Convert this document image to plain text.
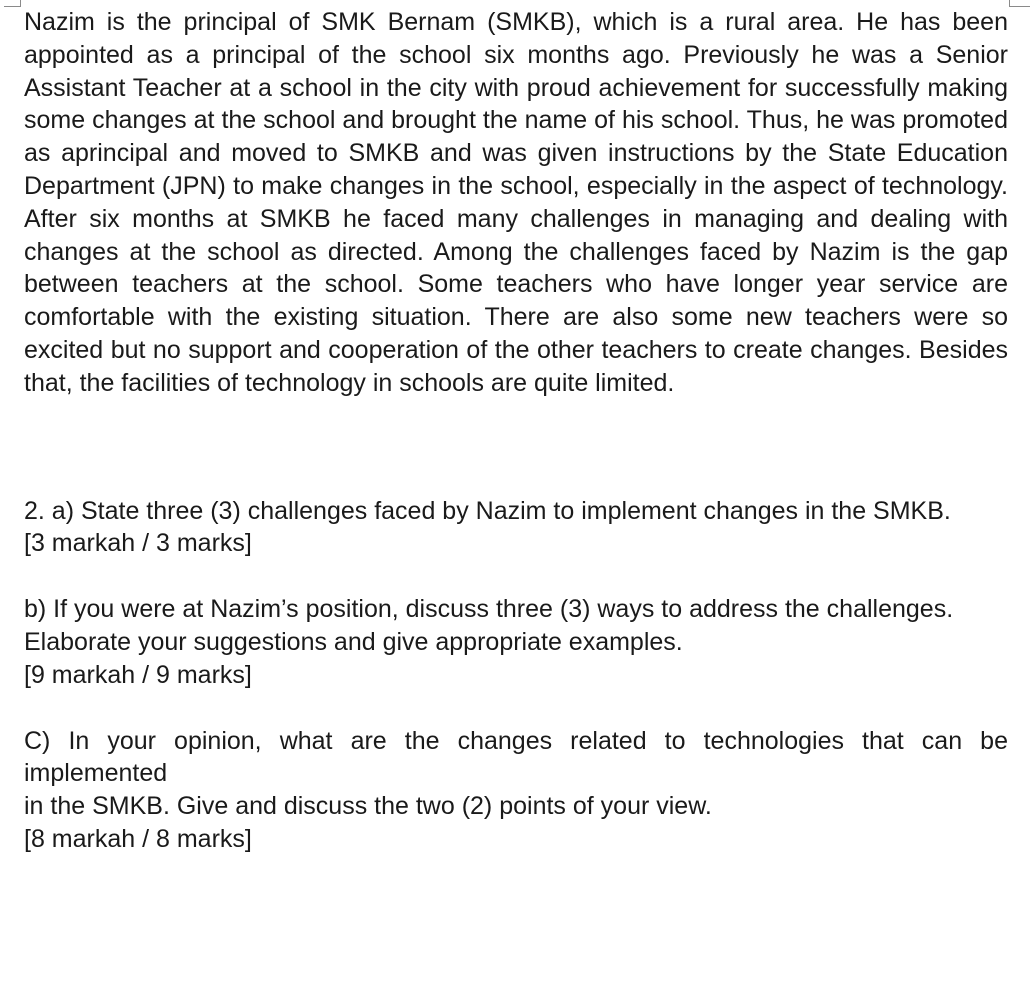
Nazim is the principal of SMK Bernam (SMKB), which is a rural area. He has been appointed as a principal of the school six months ago. Previously he was a Senior Assistant Teacher at a school in the city with proud achievement for successfully making some changes at the school and brought the name of his school. Thus, he was promoted as aprincipal and moved to SMKB and was given instructions by the State Education Department (JPN) to make changes in the school, especially in the aspect of technology. After six months at SMKB he faced many challenges in managing and dealing with changes at the school as directed. Among the challenges faced by Nazim is the gap between teachers at the school. Some teachers who have longer year service are comfortable with the existing situation. There are also some new teachers were so excited but no support and cooperation of the other teachers to create changes. Besides that, the facilities of technology in schools are quite limited.

2. a) State three (3) challenges faced by Nazim to implement changes in the SMKB.

[3 markah / 3 marks]

b) If you were at Nazim’s position, discuss three (3) ways to address the challenges.

Elaborate your suggestions and give appropriate examples.

[9 markah / 9 marks]

C) In your opinion, what are the changes related to technologies that can be implemented

in the SMKB. Give and discuss the two (2) points of your view.

[8 markah / 8 marks]
